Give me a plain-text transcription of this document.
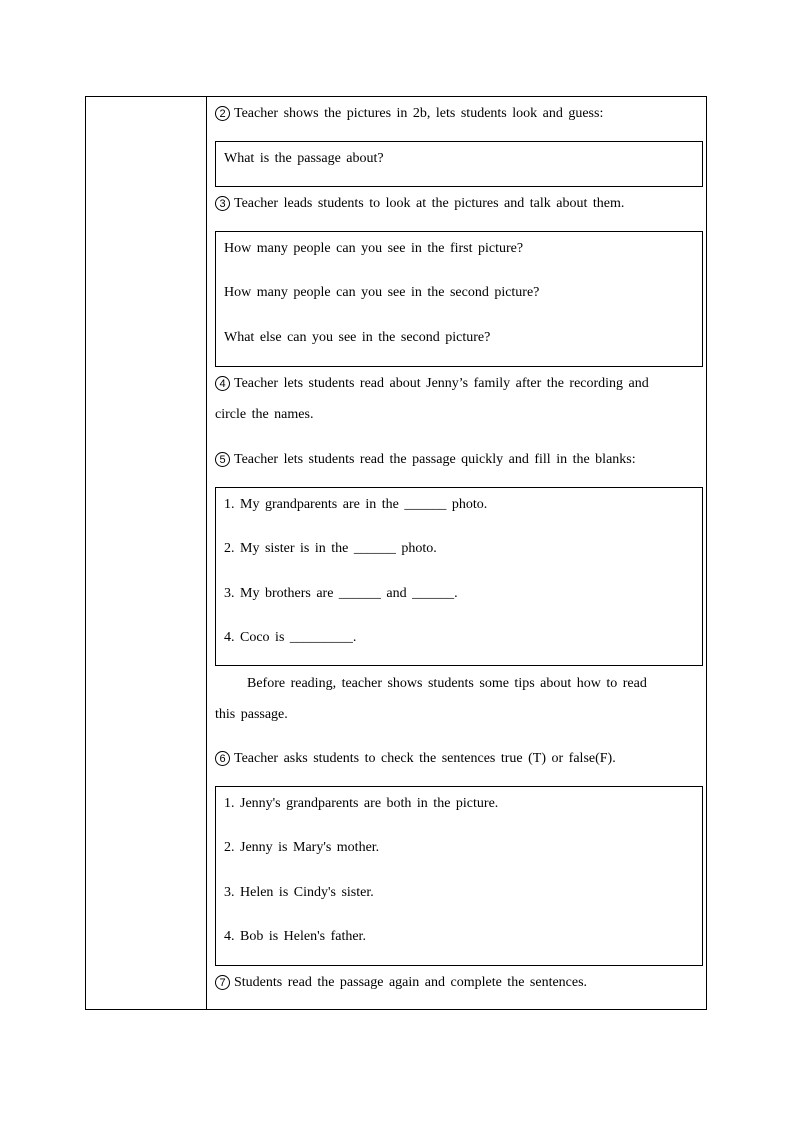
2 Teacher shows the pictures in 2b, lets students look and guess:
What is the passage about?
3 Teacher leads students to look at the pictures and talk about them.
How many people can you see in the first picture?
How many people can you see in the second picture?
What else can you see in the second picture?
4 Teacher lets students read about Jenny’s family after the recording and
circle the names.
5 Teacher lets students read the passage quickly and fill in the blanks:
1. My grandparents are in the ______ photo.
2. My sister is in the ______ photo.
3. My brothers are ______ and ______.
4. Coco is _________.
Before reading, teacher shows students some tips about how to read
this passage.
6 Teacher asks students to check the sentences true (T) or false(F).
1. Jenny's grandparents are both in the picture.
2. Jenny is Mary's mother.
3. Helen is Cindy's sister.
4. Bob is Helen's father.
7 Students read the passage again and complete the sentences.
